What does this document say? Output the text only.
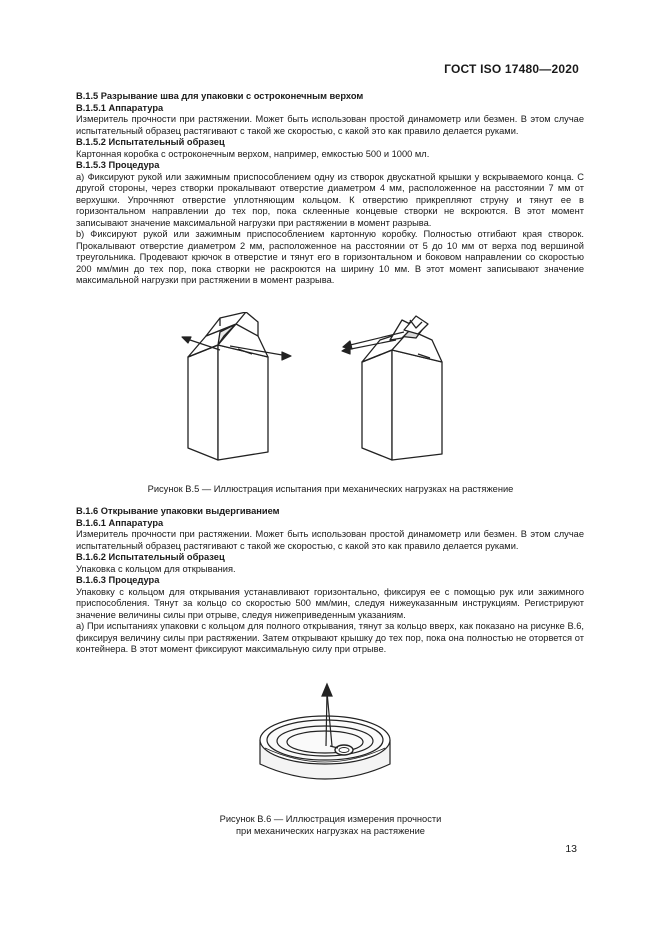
ГОСТ ISO 17480—2020

В.1.5 Разрывание шва для упаковки с остроконечным верхом

В.1.5.1 Аппаратура

Измеритель прочности при растяжении. Может быть использован простой динамометр или безмен. В этом случае испытательный образец растягивают с такой же скоростью, с какой это как правило делается руками.

В.1.5.2 Испытательный образец

Картонная коробка с остроконечным верхом, например, емкостью 500 и 1000 мл.

В.1.5.3 Процедура

а) Фиксируют рукой или зажимным приспособлением одну из створок двускатной крышки у вскрываемого конца. С другой стороны, через створки прокалывают отверстие диаметром 4 мм, расположенное на расстоянии 7 мм от верхушки. Упрочняют отверстие уплотняющим кольцом. К отверстию прикрепляют струну и тянут ее в горизонтальном направлении до тех пор, пока склеенные концевые створки не вскроются. В этот момент записывают значение максимальной нагрузки при растяжении в момент разрыва.

b) Фиксируют рукой или зажимным приспособлением картонную коробку. Полностью отгибают края створок. Прокалывают отверстие диаметром 2 мм, расположенное на расстоянии от 5 до 10 мм от верха под вершиной треугольника. Продевают крючок в отверстие и тянут его в горизонтальном и боковом направлении со скоростью 200 мм/мин до тех пор, пока створки не раскроются на ширину 10 мм. В этот момент записывают значение максимальной нагрузки при растяжении в момент разрыва.

Рисунок В.5 — Иллюстрация испытания при механических нагрузках на растяжение

В.1.6 Открывание упаковки выдергиванием

В.1.6.1 Аппаратура

Измеритель прочности при растяжении. Может быть использован простой динамометр или безмен. В этом случае испытательный образец растягивают с такой же скоростью, с какой это как правило делается руками.

В.1.6.2 Испытательный образец

Упаковка с кольцом для открывания.

В.1.6.3 Процедура

Упаковку с кольцом для открывания устанавливают горизонтально, фиксируя ее с помощью рук или зажимного приспособления. Тянут за кольцо со скоростью 500 мм/мин, следуя нижеуказанным инструкциям. Регистрируют значение величины силы при отрыве, следуя нижеприведенным указаниям.

а) При испытаниях упаковки с кольцом для полного открывания, тянут за кольцо вверх, как показано на рисунке В.6, фиксируя величину силы при растяжении. Затем открывают крышку до тех пор, пока она полностью не оторвется от контейнера. В этот момент фиксируют максимальную силу при отрыве.

Рисунок В.6 — Иллюстрация измерения прочности
при механических нагрузках на растяжение
13
